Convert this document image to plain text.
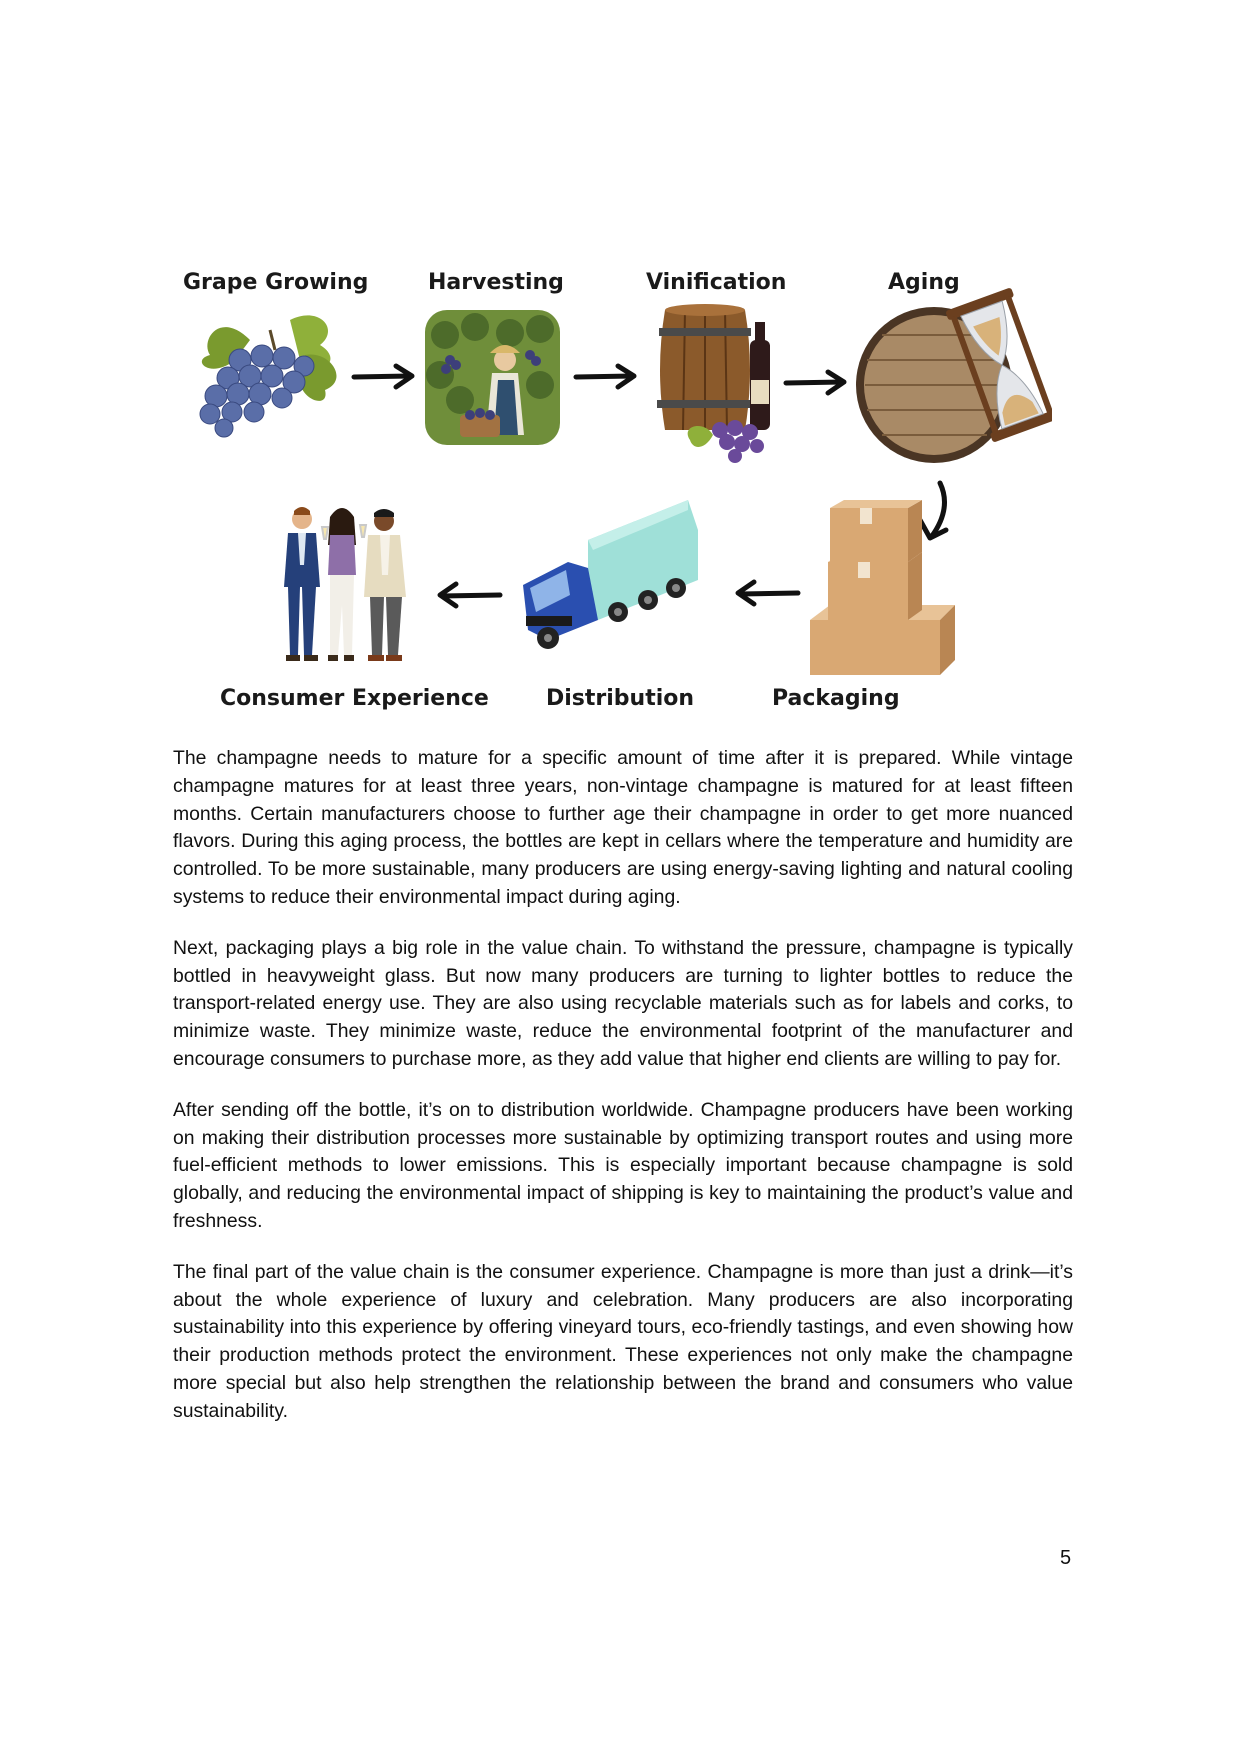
Grape Growing	Harvesting	Vinification	Aging
Consumer Experience	Distribution	Packaging

The champagne needs to mature for a specific amount of time after it is prepared. While vintage champagne matures for at least three years, non-vintage champagne is matured for at least fifteen months. Certain manufacturers choose to further age their champagne in order to get more nuanced flavors. During this aging process, the bottles are kept in cellars where the temperature and humidity are controlled. To be more sustainable, many producers are using energy-saving lighting and natural cooling systems to reduce their environmental impact during aging.

Next, packaging plays a big role in the value chain. To withstand the pressure, champagne is typically bottled in heavyweight glass. But now many producers are turning to lighter bottles to reduce the transport-related energy use. They are also using recyclable materials such as for labels and corks, to minimize waste. They minimize waste, reduce the environmental footprint of the manufacturer and encourage consumers to purchase more, as they add value that higher end clients are willing to pay for.

After sending off the bottle, it’s on to distribution worldwide. Champagne producers have been working on making their distribution processes more sustainable by optimizing transport routes and using more fuel-efficient methods to lower emissions. This is especially important because champagne is sold globally, and reducing the environmental impact of shipping is key to maintaining the product’s value and freshness.

The final part of the value chain is the consumer experience. Champagne is more than just a drink—it’s about the whole experience of luxury and celebration. Many producers are also incorporating sustainability into this experience by offering vineyard tours, eco-friendly tastings, and even showing how their production methods protect the environment. These experiences not only make the champagne more special but also help strengthen the relationship between the brand and consumers who value sustainability.

5
